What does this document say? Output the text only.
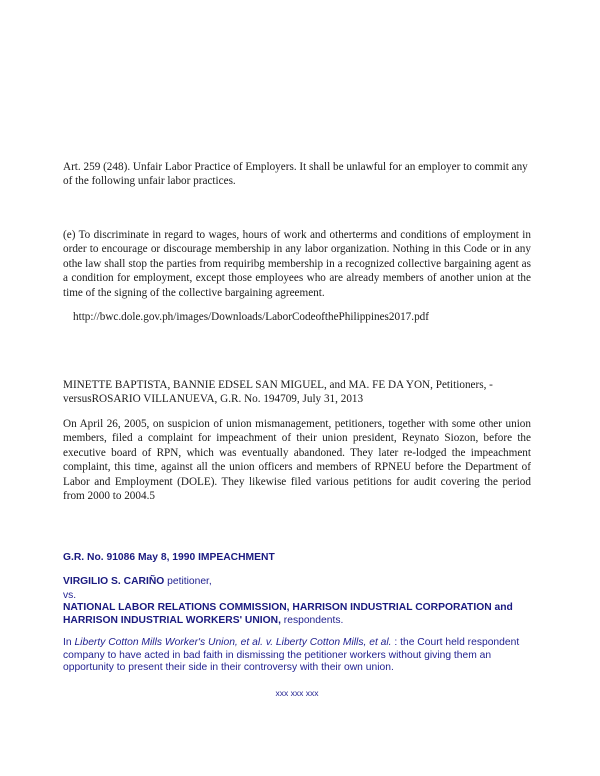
Art. 259 (248). Unfair Labor Practice of Employers. It shall be unlawful for an employer to commit any of the following unfair labor practices.

(e) To discriminate in regard to wages, hours of work and otherterms and conditions of employment in order to encourage or discourage membership in any labor organization. Nothing in this Code or in any othe law shall stop the parties from requiribg membership in a recognized collective bargaining agent as a condition for employment, except those employees who are already members of another union at the time of the signing of the collective bargaining agreement.

http://bwc.dole.gov.ph/images/Downloads/LaborCodeofthePhilippines2017.pdf

MINETTE BAPTISTA, BANNIE EDSEL SAN MIGUEL, and MA. FE DA YON, Petitioners, -versusROSARIO VILLANUEVA, G.R. No. 194709, July 31, 2013

On April 26, 2005, on suspicion of union mismanagement, petitioners, together with some other union members, filed a complaint for impeachment of their union president, Reynato Siozon, before the executive board of RPN, which was eventually abandoned. They later re-lodged the impeachment complaint, this time, against all the union officers and members of RPNEU before the Department of Labor and Employment (DOLE). They likewise filed various petitions for audit covering the period from 2000 to 2004.5

G.R. No. 91086 May 8, 1990 IMPEACHMENT

VIRGILIO S. CARIÑO petitioner,

vs.

NATIONAL LABOR RELATIONS COMMISSION, HARRISON INDUSTRIAL CORPORATION and HARRISON INDUSTRIAL WORKERS' UNION, respondents.

In Liberty Cotton Mills Worker's Union, et al. v. Liberty Cotton Mills, et al. : the Court held respondent company to have acted in bad faith in dismissing the petitioner workers without giving them an opportunity to present their side in their controversy with their own union.

xxx xxx xxx
